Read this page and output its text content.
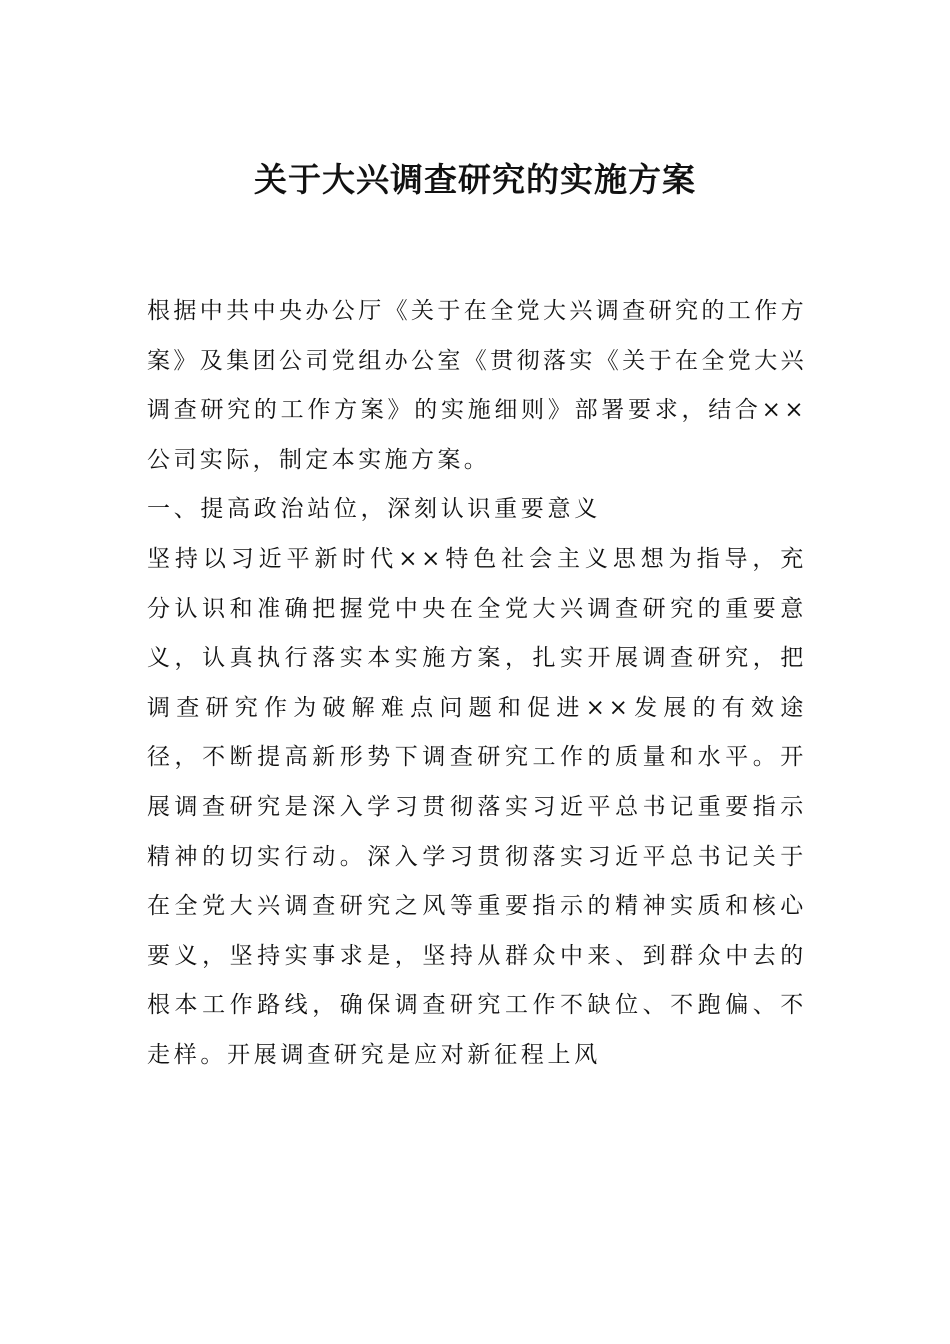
关于大兴调查研究的实施方案

根据中共中央办公厅《关于在全党大兴调查研究的工作方案》及集团公司党组办公室《贯彻落实《关于在全党大兴调查研究的工作方案》的实施细则》部署要求，结合××公司实际，制定本实施方案。

一、提高政治站位，深刻认识重要意义

坚持以习近平新时代××特色社会主义思想为指导，充分认识和准确把握党中央在全党大兴调查研究的重要意义，认真执行落实本实施方案，扎实开展调查研究，把调查研究作为破解难点问题和促进××发展的有效途径，不断提高新形势下调查研究工作的质量和水平。开展调查研究是深入学习贯彻落实习近平总书记重要指示精神的切实行动。深入学习贯彻落实习近平总书记关于在全党大兴调查研究之风等重要指示的精神实质和核心要义，坚持实事求是，坚持从群众中来、到群众中去的根本工作路线，确保调查研究工作不缺位、不跑偏、不走样。开展调查研究是应对新征程上风
